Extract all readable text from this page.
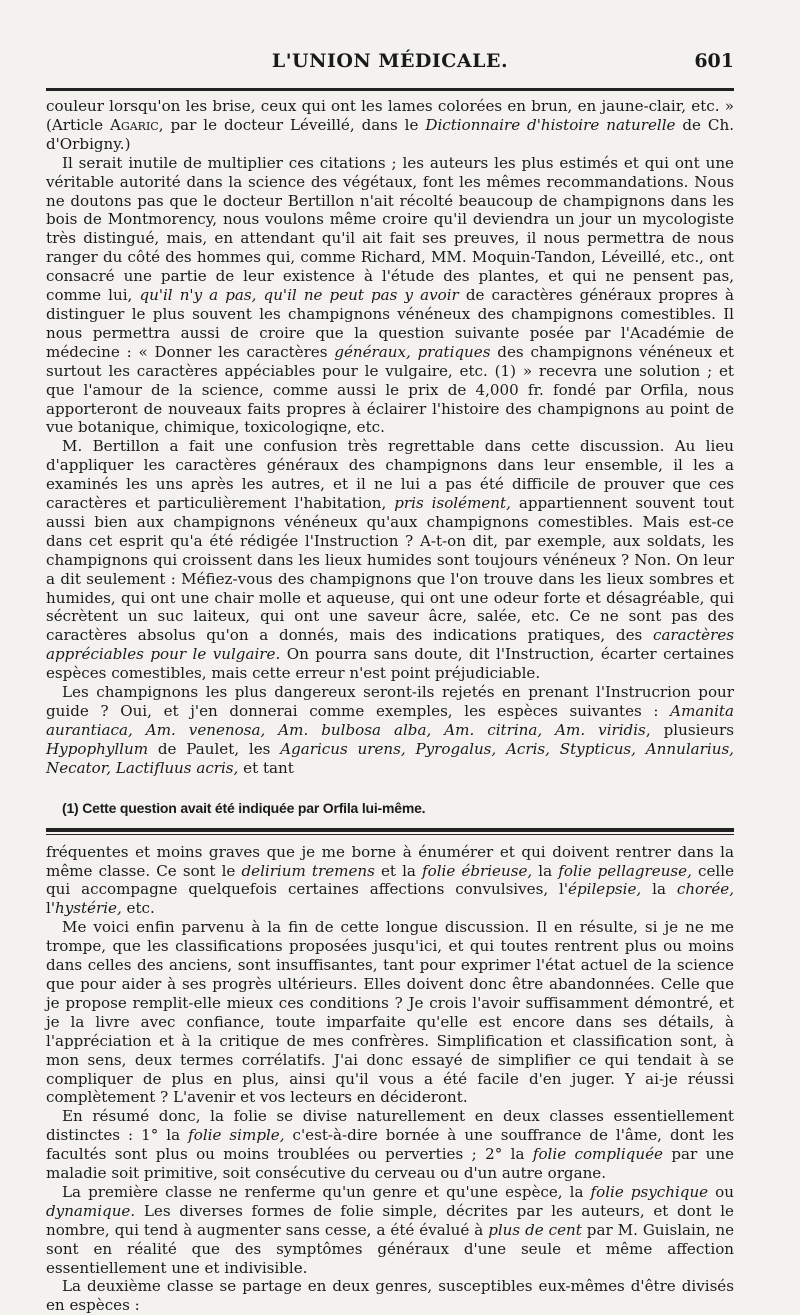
L'UNION MÉDICALE.	601

couleur lorsqu'on les brise, ceux qui ont les lames colorées en brun, en jaune-clair, etc. » (Article Agaric, par le docteur Léveillé, dans le Dictionnaire d'histoire naturelle de Ch. d'Orbigny.)

Il serait inutile de multiplier ces citations ; les auteurs les plus estimés et qui ont une véritable autorité dans la science des végétaux, font les mêmes recommandations. Nous ne doutons pas que le docteur Bertillon n'ait récolté beaucoup de champignons dans les bois de Montmorency, nous voulons même croire qu'il deviendra un jour un mycologiste très distingué, mais, en attendant qu'il ait fait ses preuves, il nous permettra de nous ranger du côté des hommes qui, comme Richard, MM. Moquin-Tandon, Léveillé, etc., ont consacré une partie de leur existence à l'étude des plantes, et qui ne pensent pas, comme lui, qu'il n'y a pas, qu'il ne peut pas y avoir de caractères généraux propres à distinguer le plus souvent les champignons vénéneux des champignons comestibles. Il nous permettra aussi de croire que la question suivante posée par l'Académie de médecine : « Donner les caractères généraux, pratiques des champignons vénéneux et surtout les caractères appéciables pour le vulgaire, etc. (1) » recevra une solution ; et que l'amour de la science, comme aussi le prix de 4,000 fr. fondé par Orfila, nous apporteront de nouveaux faits propres à éclairer l'histoire des champignons au point de vue botanique, chimique, toxicologiqne, etc.

M. Bertillon a fait une confusion très regrettable dans cette discussion. Au lieu d'appliquer les caractères généraux des champignons dans leur ensemble, il les a examinés les uns après les autres, et il ne lui a pas été difficile de prouver que ces caractères et particulièrement l'habitation, pris isolément, appartiennent souvent tout aussi bien aux champignons vénéneux qu'aux champignons comestibles. Mais est-ce dans cet esprit qu'a été rédigée l'Instruction ? A-t-on dit, par exemple, aux soldats, les champignons qui croissent dans les lieux humides sont toujours vénéneux ? Non. On leur a dit seulement : Méfiez-vous des champignons que l'on trouve dans les lieux sombres et humides, qui ont une chair molle et aqueuse, qui ont une odeur forte et désagréable, qui sécrètent un suc laiteux, qui ont une saveur âcre, salée, etc. Ce ne sont pas des caractères absolus qu'on a donnés, mais des indications pratiques, des caractères appréciables pour le vulgaire. On pourra sans doute, dit l'Instruction, écarter certaines espèces comestibles, mais cette erreur n'est point préjudiciable.

Les champignons les plus dangereux seront-ils rejetés en prenant l'Instrucrion pour guide ? Oui, et j'en donnerai comme exemples, les espèces suivantes : Amanita aurantiaca, Am. venenosa, Am. bulbosa alba, Am. citrina, Am. viridis, plusieurs Hypophyllum de Paulet, les Agaricus urens, Pyrogalus, Acris, Stypticus, Annularius, Necator, Lactifluus acris, et tant

(1) Cette question avait été indiquée par Orfila lui-même.

fréquentes et moins graves que je me borne à énumérer et qui doivent rentrer dans la même classe. Ce sont le delirium tremens et la folie ébrieuse, la folie pellagreuse, celle qui accompagne quelquefois certaines affections convulsives, l'épilepsie, la chorée, l'hystérie, etc.

Me voici enfin parvenu à la fin de cette longue discussion. Il en résulte, si je ne me trompe, que les classifications proposées jusqu'ici, et qui toutes rentrent plus ou moins dans celles des anciens, sont insuffisantes, tant pour exprimer l'état actuel de la science que pour aider à ses progrès ultérieurs. Elles doivent donc être abandonnées. Celle que je propose remplit-elle mieux ces conditions ? Je crois l'avoir suffisamment démontré, et je la livre avec confiance, toute imparfaite qu'elle est encore dans ses détails, à l'appréciation et à la critique de mes confrères. Simplification et classification sont, à mon sens, deux termes corrélatifs. J'ai donc essayé de simplifier ce qui tendait à se compliquer de plus en plus, ainsi qu'il vous a été facile d'en juger. Y ai-je réussi complètement ? L'avenir et vos lecteurs en décideront.

En résumé donc, la folie se divise naturellement en deux classes essentiellement distinctes : 1° la folie simple, c'est-à-dire bornée à une souffrance de l'âme, dont les facultés sont plus ou moins troublées ou perverties ; 2° la folie compliquée par une maladie soit primitive, soit consécutive du cerveau ou d'un autre organe.

La première classe ne renferme qu'un genre et qu'une espèce, la folie psychique ou dynamique. Les diverses formes de folie simple, décrites par les auteurs, et dont le nombre, qui tend à augmenter sans cesse, a été évalué à plus de cent par M. Guislain, ne sont en réalité que des symptômes généraux d'une seule et même affection essentiellement une et indivisible.

La deuxième classe se partage en deux genres, susceptibles eux-mêmes d'être divisés en espèces :
